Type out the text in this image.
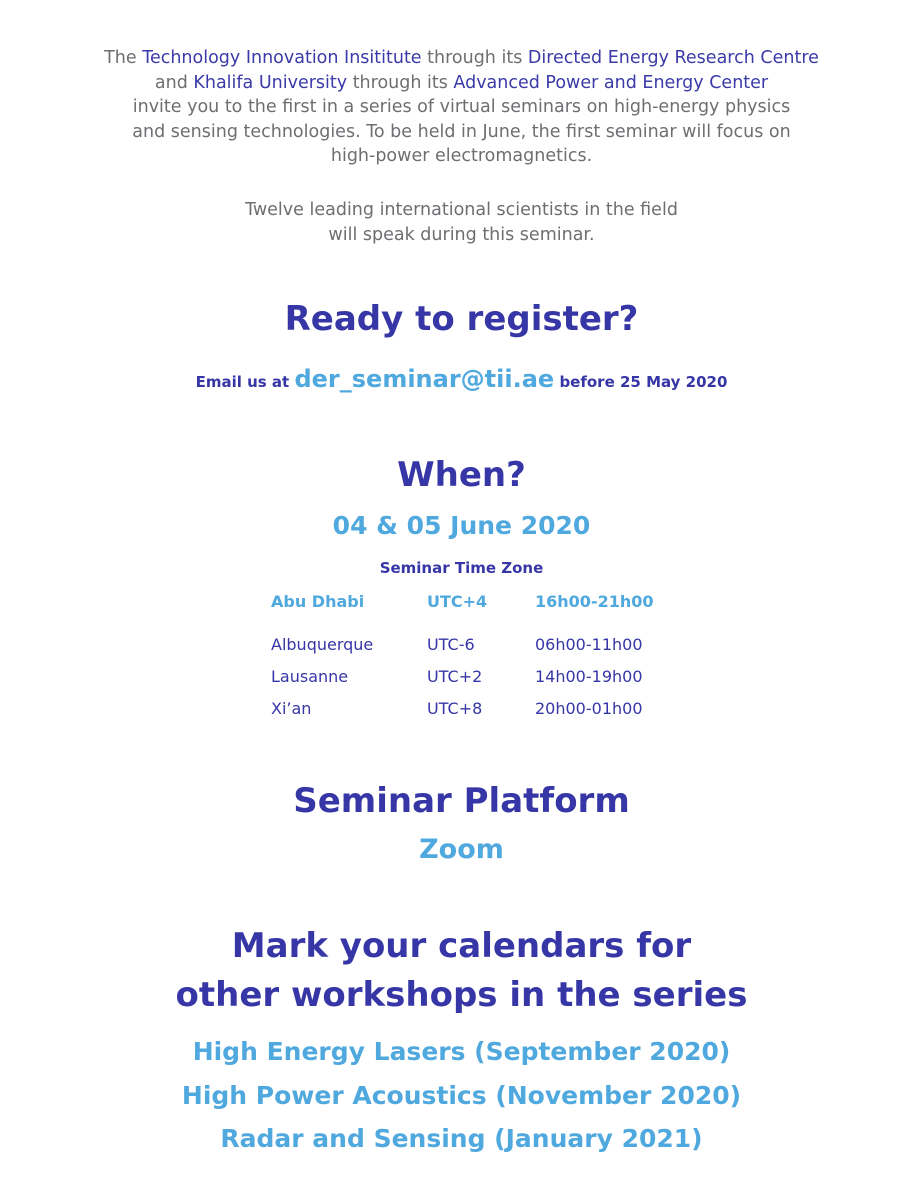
The Technology Innovation Insititute through its Directed Energy Research Centre
and Khalifa University through its Advanced Power and Energy Center
invite you to the first in a series of virtual seminars on high-energy physics
and sensing technologies. To be held in June, the first seminar will focus on
high-power electromagnetics.
Twelve leading international scientists in the field
will speak during this seminar.
Ready to register?
Email us at der_seminar@tii.ae before 25 May 2020
When?
04 & 05 June 2020
Seminar Time Zone
Abu Dhabi	UTC+4	16h00-21h00
Albuquerque	UTC-6	06h00-11h00
Lausanne	UTC+2	14h00-19h00
Xi’an	UTC+8	20h00-01h00
Seminar Platform
Zoom
Mark your calendars for
other workshops in the series
High Energy Lasers (September 2020)
High Power Acoustics (November 2020)
Radar and Sensing (January 2021)
